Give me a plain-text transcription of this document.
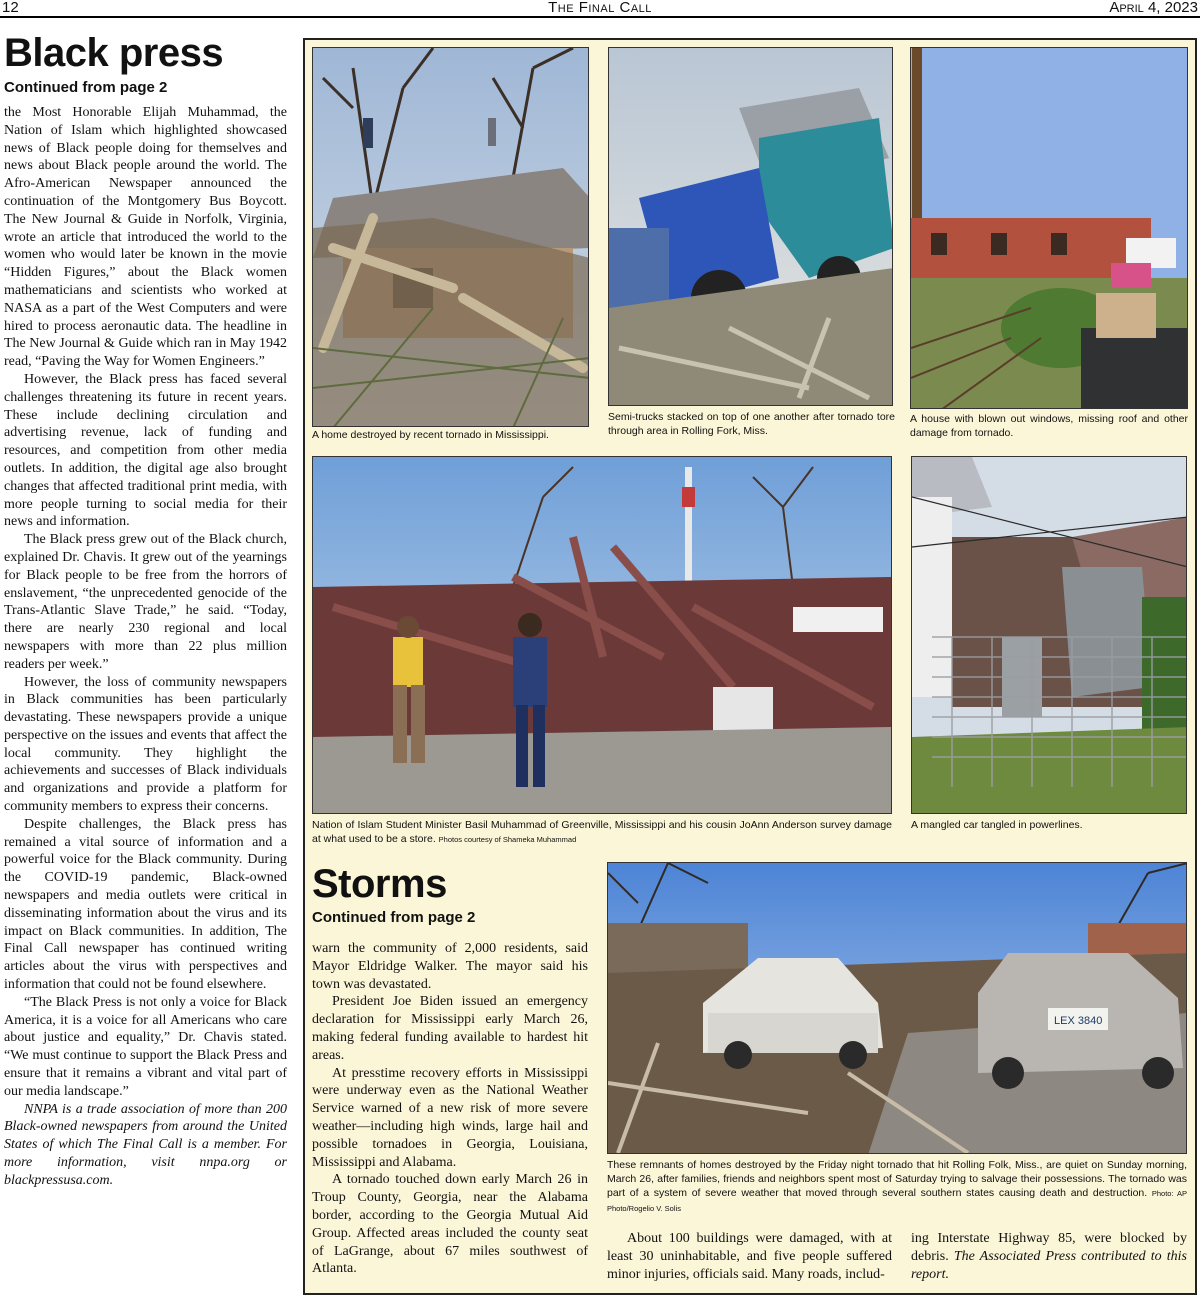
12	The Final Call	April 4, 2023
Black press
Continued from page 2

the Most Honorable Elijah Muhammad, the Nation of Islam which highlighted showcased news of Black people doing for themselves and news about Black people around the world. The Afro-American Newspaper announced the continuation of the Montgomery Bus Boycott. The New Journal & Guide in Norfolk, Virginia, wrote an article that introduced the world to the women who would later be known in the movie “Hidden Figures,” about the Black women mathematicians and scientists who worked at NASA as a part of the West Computers and were hired to process aeronautic data. The headline in The New Journal & Guide which ran in May 1942 read, “Paving the Way for Women Engineers.”

However, the Black press has faced several challenges threatening its future in recent years. These include declining circulation and advertising revenue, lack of funding and resources, and competition from other media outlets. In addition, the digital age also brought changes that affected traditional print media, with more people turning to social media for their news and information.

The Black press grew out of the Black church, explained Dr. Chavis. It grew out of the yearnings for Black people to be free from the horrors of enslavement, “the unprecedented genocide of the Trans-Atlantic Slave Trade,” he said. “Today, there are nearly 230 regional and local newspapers with more than 22 plus million readers per week.”

However, the loss of community newspapers in Black communities has been particularly devastating. These newspapers provide a unique perspective on the issues and events that affect the local community. They highlight the achievements and successes of Black individuals and organizations and provide a platform for community members to express their concerns.

Despite challenges, the Black press has remained a vital source of information and a powerful voice for the Black community. During the COVID-19 pandemic, Black-owned newspapers and media outlets were critical in disseminating information about the virus and its impact on Black communities. In addition, The Final Call newspaper has continued writing articles about the virus with perspectives and information that could not be found elsewhere.

“The Black Press is not only a voice for Black America, it is a voice for all Americans who care about justice and equality,” Dr. Chavis stated. “We must continue to support the Black Press and ensure that it remains a vibrant and vital part of our media landscape.”

NNPA is a trade association of more than 200 Black-owned newspapers from around the United States of which The Final Call is a member. For more information, visit nnpa.org or blackpressusa.com.

A home destroyed by recent tornado in Mississippi.
Semi-trucks stacked on top of one another after tornado tore through area in Rolling Fork, Miss.
A house with blown out windows, missing roof and other damage from tornado.
Nation of Islam Student Minister Basil Muhammad of Greenville, Mississippi and his cousin JoAnn Anderson survey damage at what used to be a store. Photos courtesy of Shameka Muhammad
A mangled car tangled in powerlines.
Storms
Continued from page 2

warn the community of 2,000 residents, said Mayor Eldridge Walker. The mayor said his town was devastated.

President Joe Biden issued an emergency declaration for Mississippi early March 26, making federal funding available to hardest hit areas.

At presstime recovery efforts in Mississippi were underway even as the National Weather Service warned of a new risk of more severe weather—including high winds, large hail and possible tornadoes in Georgia, Louisiana, Mississippi and Alabama.

A tornado touched down early March 26 in Troup County, Georgia, near the Alabama border, according to the Georgia Mutual Aid Group. Affected areas included the county seat of LaGrange, about 67 miles southwest of Atlanta.

LEX 3840
These remnants of homes destroyed by the Friday night tornado that hit Rolling Folk, Miss., are quiet on Sunday morning, March 26, after families, friends and neighbors spent most of Saturday trying to salvage their possessions. The tornado was part of a system of severe weather that moved through several southern states causing death and destruction. Photo: AP Photo/Rogelio V. Solis

About 100 buildings were damaged, with at least 30 uninhabitable, and five people suffered minor injuries, officials said. Many roads, includ-

ing Interstate Highway 85, were blocked by debris. The Associated Press contributed to this report.
